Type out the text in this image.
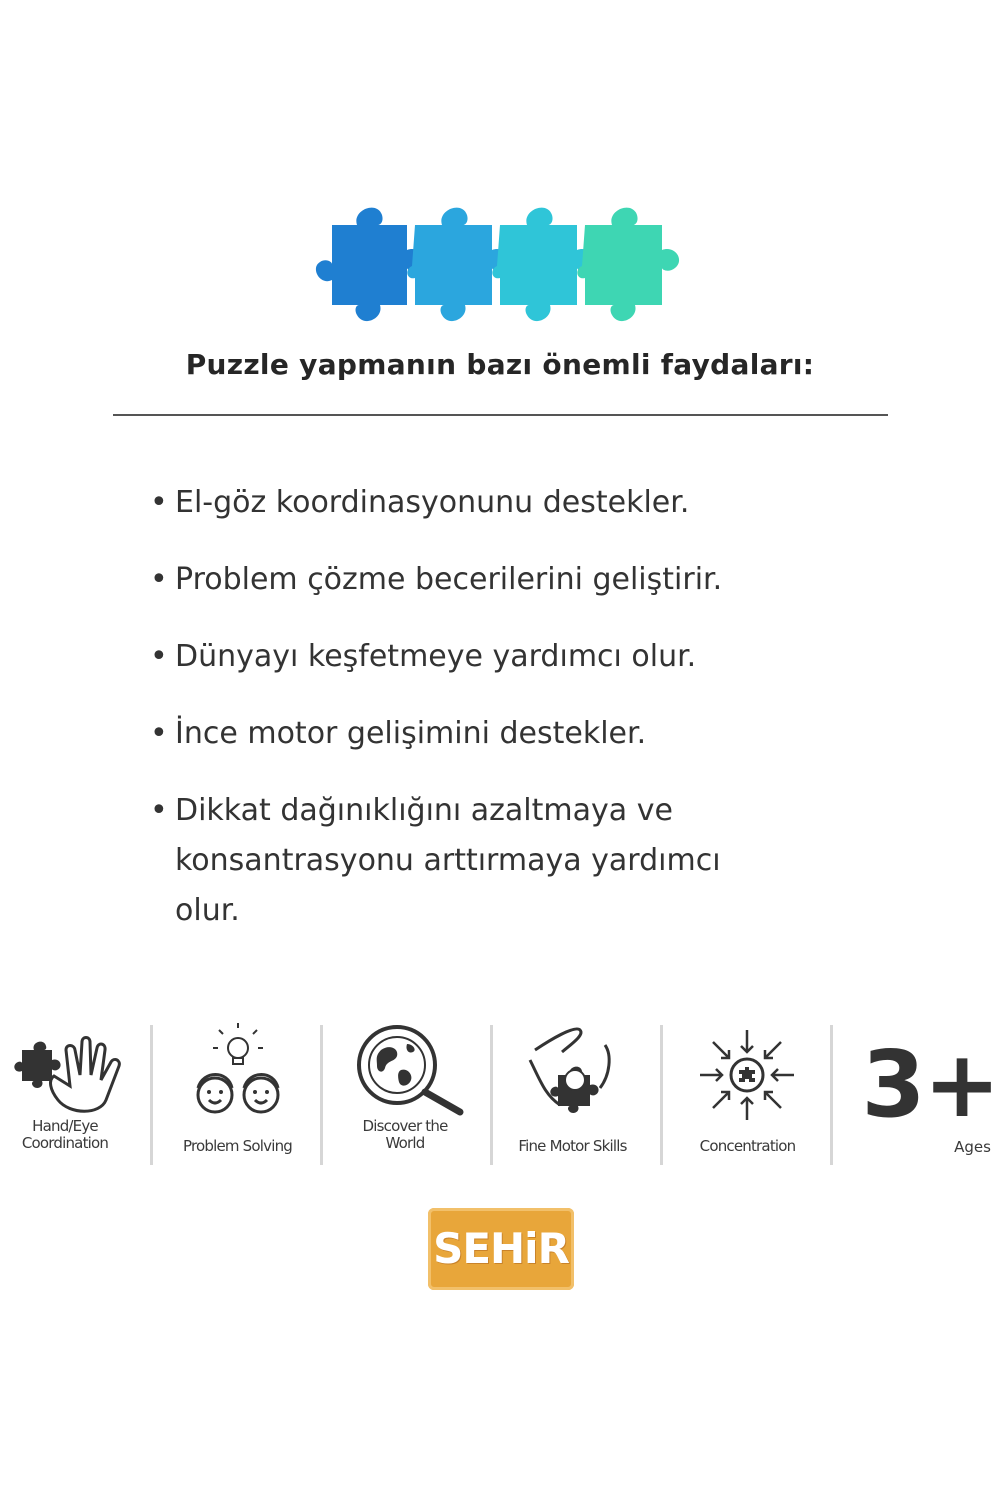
Puzzle yapmanın bazı önemli faydaları:
• El-göz koordinasyonunu destekler.
• Problem çözme becerilerini geliştirir.
• Dünyayı keşfetmeye yardımcı olur.
• İnce motor gelişimini destekler.
• Dikkat dağınıklığını azaltmaya ve konsantrasyonu arttırmaya yardımcı olur.
Hand/Eye
Coordination	Problem Solving
Discover the
World	Fine Motor Skills	Concentration
3+
Ages
SEHiR
